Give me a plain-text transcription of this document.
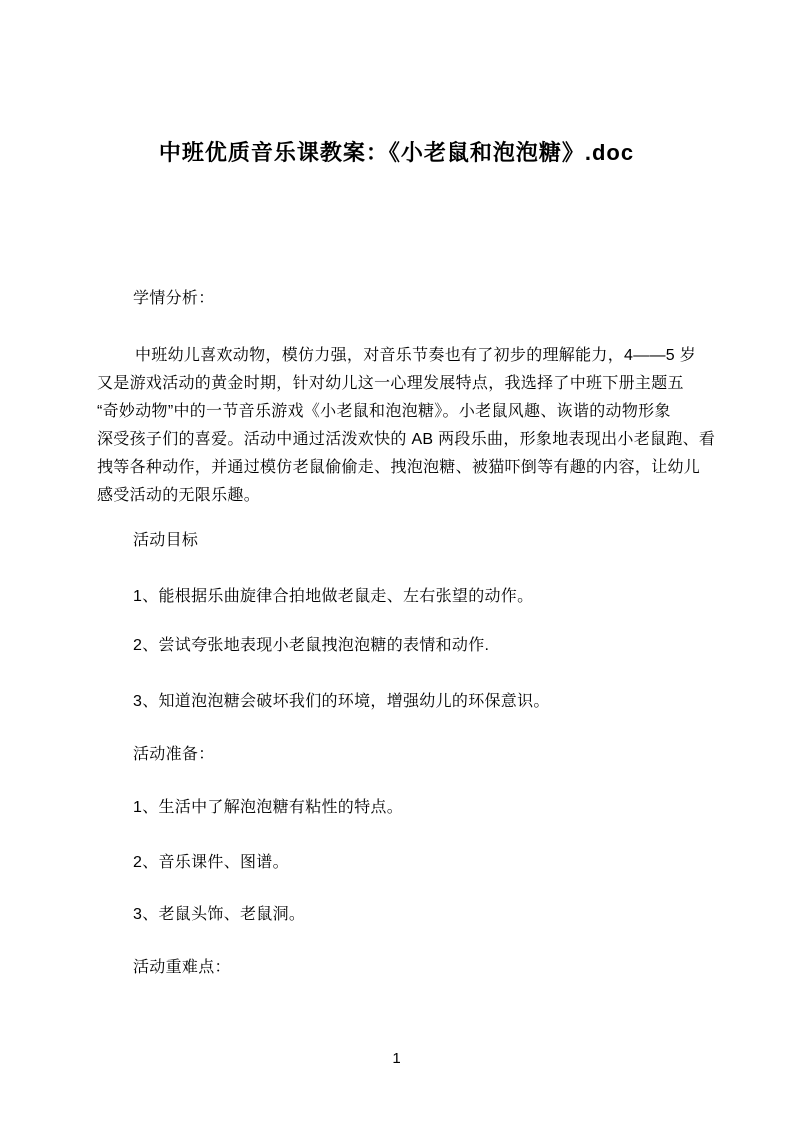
中班优质音乐课教案：《小老鼠和泡泡糖》.doc
学情分析：
中班幼儿喜欢动物，模仿力强，对音乐节奏也有了初步的理解能力，4——5 岁
又是游戏活动的黄金时期，针对幼儿这一心理发展特点，我选择了中班下册主题五
“奇妙动物”中的一节音乐游戏《小老鼠和泡泡糖》。小老鼠风趣、诙谐的动物形象
深受孩子们的喜爱。活动中通过活泼欢快的 AB 两段乐曲，形象地表现出小老鼠跑、看
拽等各种动作，并通过模仿老鼠偷偷走、拽泡泡糖、被猫吓倒等有趣的内容，让幼儿
感受活动的无限乐趣。
活动目标
1、能根据乐曲旋律合拍地做老鼠走、左右张望的动作。
2、尝试夸张地表现小老鼠拽泡泡糖的表情和动作.
3、知道泡泡糖会破坏我们的环境，增强幼儿的环保意识。
活动准备：
1、生活中了解泡泡糖有粘性的特点。
2、音乐课件、图谱。
3、老鼠头饰、老鼠洞。
活动重难点：
1
